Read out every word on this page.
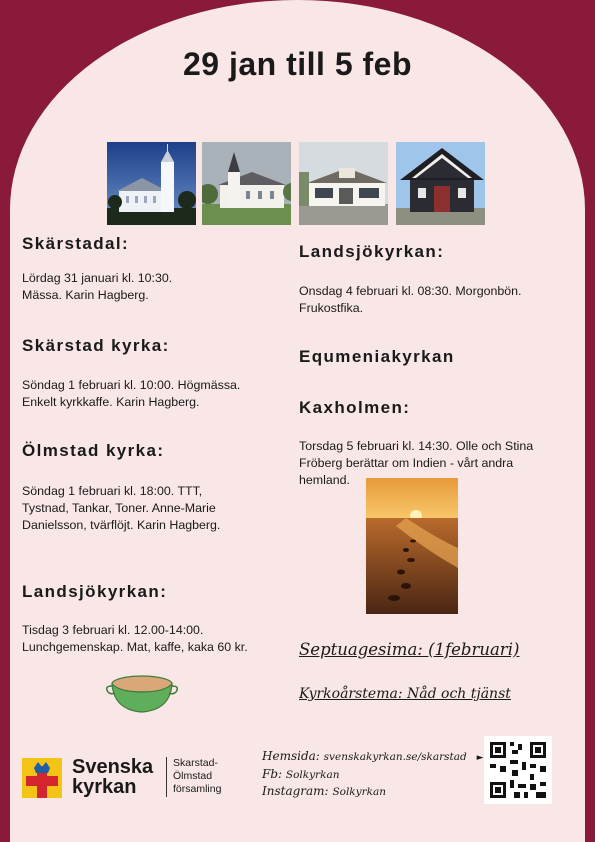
29 jan till 5 feb
Skärstadal:
Lördag 31 januari kl. 10:30.
Mässa. Karin Hagberg.
Skärstad kyrka:
Söndag 1 februari kl. 10:00. Högmässa.
Enkelt kyrkkaffe. Karin Hagberg.
Ölmstad kyrka:
Söndag 1 februari kl. 18:00. TTT,
Tystnad, Tankar, Toner. Anne-Marie
Danielsson, tvärflöjt. Karin Hagberg.
Landsjökyrkan:
Tisdag 3 februari kl. 12.00-14:00.
Lunchgemenskap. Mat, kaffe, kaka 60 kr.
Landsjökyrkan:
Onsdag 4 februari kl. 08:30. Morgonbön.
Frukostfika.
Equmeniakyrkan
Kaxholmen:
Torsdag 5 februari kl. 14:30. Olle och Stina
Fröberg berättar om Indien - vårt andra
hemland.
Septuagesima: (1februari)
Kyrkoårstema: Nåd och tjänst
Svenska
kyrkan
Skarstad-
Ölmstad
församling
Hemsida: svenskakyrkan.se/skarstad ►
Fb: Solkyrkan
Instagram: Solkyrkan
